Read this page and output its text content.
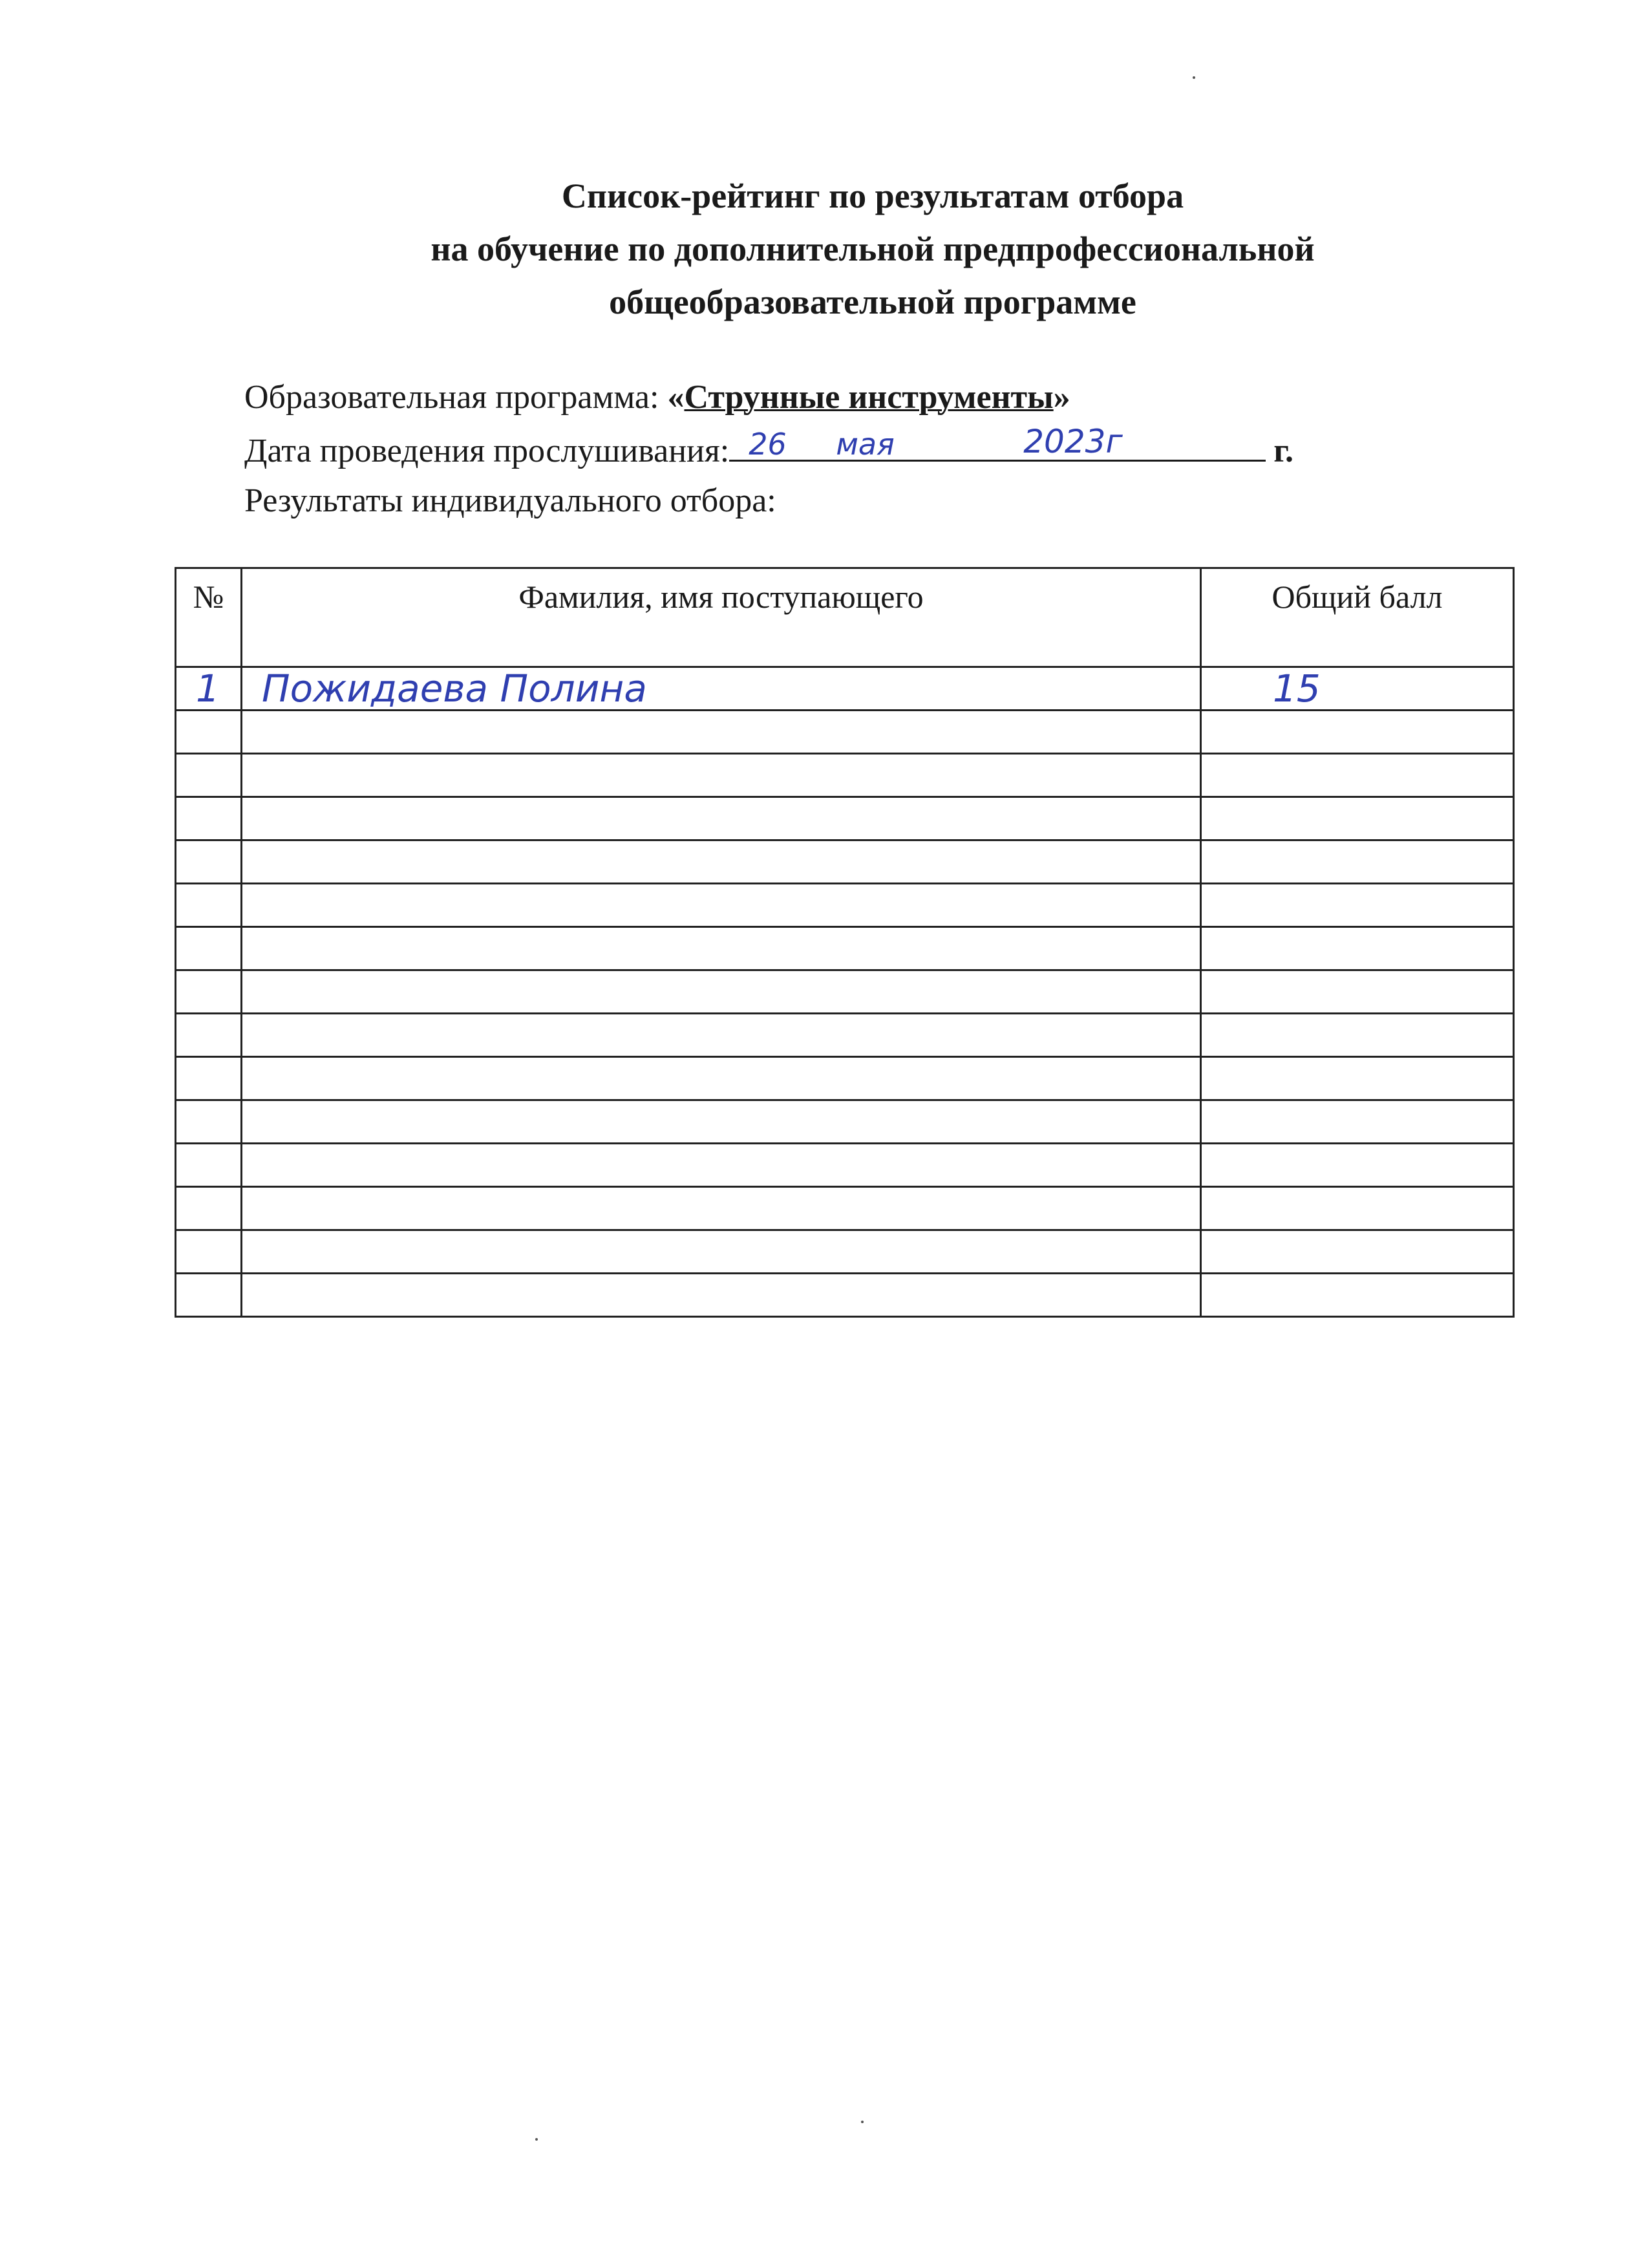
Список-рейтинг по результатам отбора
на обучение по дополнительной предпрофессиональной
общеобразовательной программе
Образовательная программа: «Струнные инструменты»
Дата проведения прослушивания: 26 мая	2023г	г.
Результаты индивидуального отбора:
№	Фамилия, имя поступающего	Общий балл
1	Пожидаева Полина	15
